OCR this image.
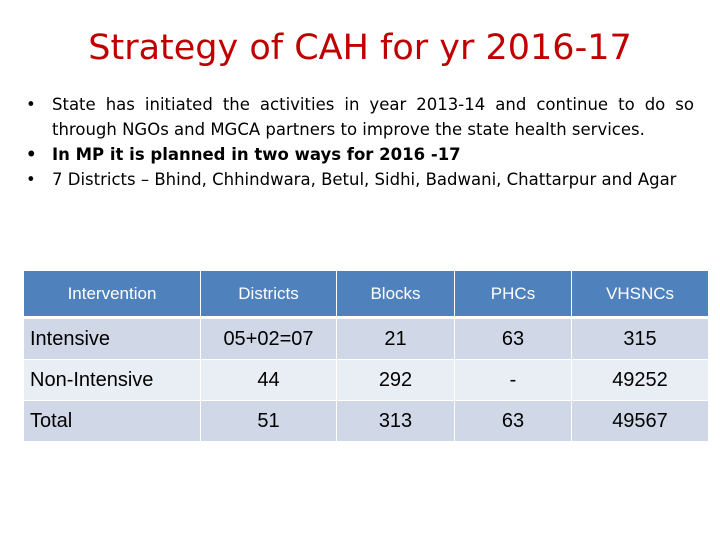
Strategy of CAH for yr 2016-17
• State has initiated the activities in year 2013-14 and continue to do so through NGOs and MGCA partners to improve the state health services.
• In MP it is planned in two ways for 2016 -17
• 7 Districts – Bhind, Chhindwara, Betul, Sidhi, Badwani, Chattarpur and Agar
Intervention	Districts	Blocks	PHCs	VHSNCs
Intensive	05+02=07	21	63	315
Non-Intensive	44	292	-	49252
Total	51	313	63	49567
